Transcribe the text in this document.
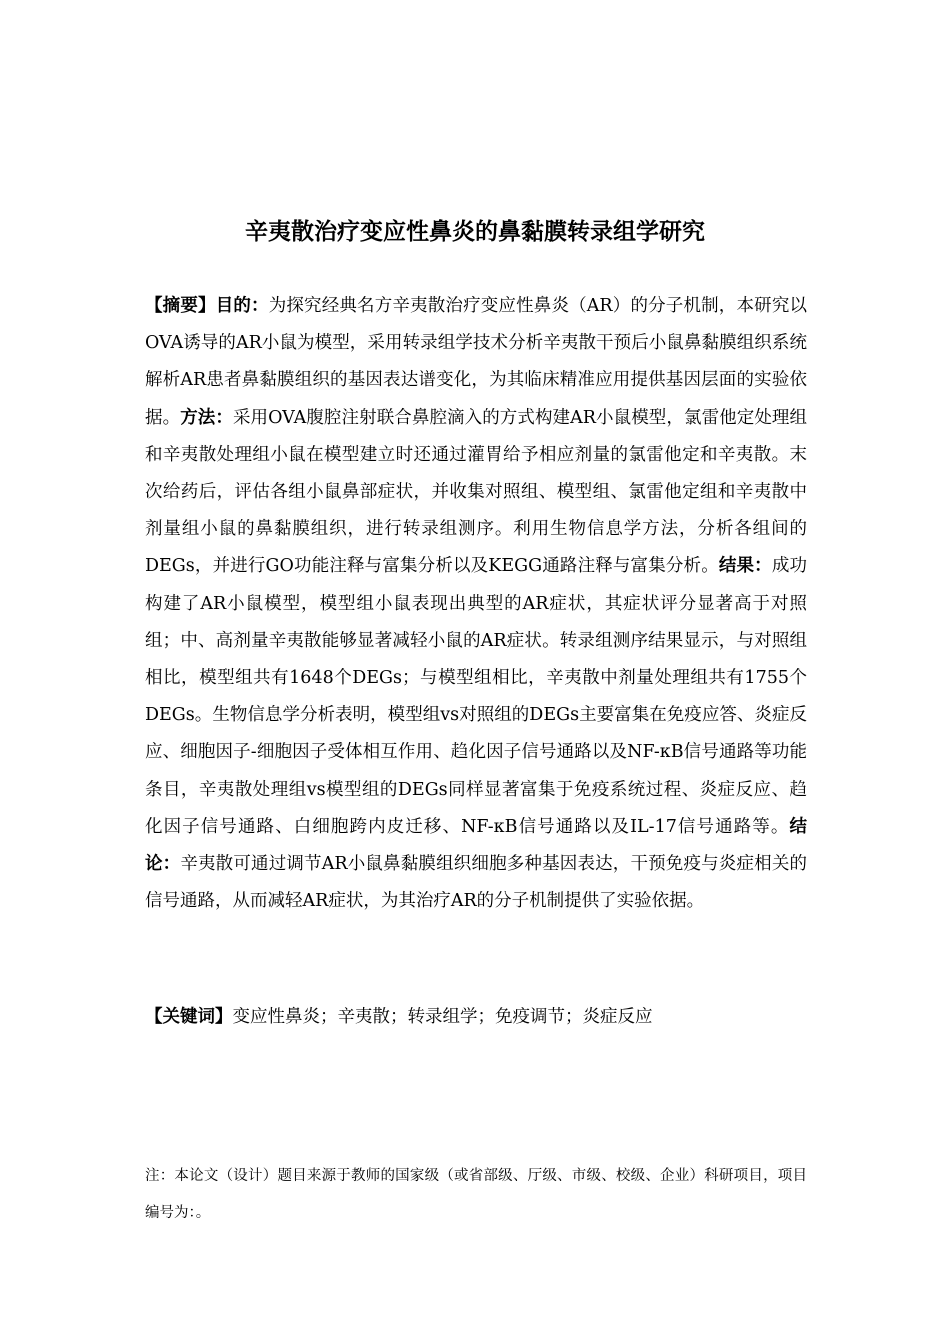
辛夷散治疗变应性鼻炎的鼻黏膜转录组学研究

【摘要】目的：为探究经典名方辛夷散治疗变应性鼻炎（AR）的分子机制，本研究以OVA诱导的AR小鼠为模型，采用转录组学技术分析辛夷散干预后小鼠鼻黏膜组织系统解析AR患者鼻黏膜组织的基因表达谱变化，为其临床精准应用提供基因层面的实验依据。方法：采用OVA腹腔注射联合鼻腔滴入的方式构建AR小鼠模型，氯雷他定处理组和辛夷散处理组小鼠在模型建立时还通过灌胃给予相应剂量的氯雷他定和辛夷散。末次给药后，评估各组小鼠鼻部症状，并收集对照组、模型组、氯雷他定组和辛夷散中剂量组小鼠的鼻黏膜组织，进行转录组测序。利用生物信息学方法，分析各组间的DEGs，并进行GO功能注释与富集分析以及KEGG通路注释与富集分析。结果：成功构建了AR小鼠模型，模型组小鼠表现出典型的AR症状，其症状评分显著高于对照组；中、高剂量辛夷散能够显著减轻小鼠的AR症状。转录组测序结果显示，与对照组相比，模型组共有1648个DEGs；与模型组相比，辛夷散中剂量处理组共有1755个DEGs。生物信息学分析表明，模型组vs对照组的DEGs主要富集在免疫应答、炎症反应、细胞因子-细胞因子受体相互作用、趋化因子信号通路以及NF-κB信号通路等功能条目，辛夷散处理组vs模型组的DEGs同样显著富集于免疫系统过程、炎症反应、趋化因子信号通路、白细胞跨内皮迁移、NF-κB信号通路以及IL-17信号通路等。结论：辛夷散可通过调节AR小鼠鼻黏膜组织细胞多种基因表达，干预免疫与炎症相关的信号通路，从而减轻AR症状，为其治疗AR的分子机制提供了实验依据。

【关键词】变应性鼻炎；辛夷散；转录组学；免疫调节；炎症反应

注：本论文（设计）题目来源于教师的国家级（或省部级、厅级、市级、校级、企业）科研项目，项目编号为：。
